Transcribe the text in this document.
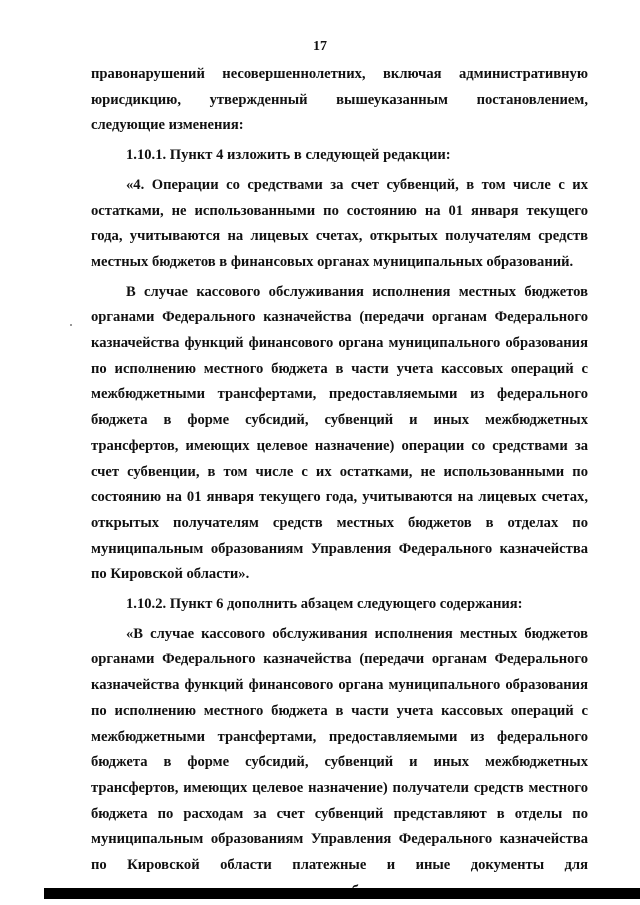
17

правонарушений несовершеннолетних, включая административную юрисдикцию, утвержденный вышеуказанным постановлением, следующие изменения:

1.10.1. Пункт 4 изложить в следующей редакции:

«4. Операции со средствами за счет субвенций, в том числе с их остатками, не использованными по состоянию на 01 января текущего года, учитываются на лицевых счетах, открытых получателям средств местных бюджетов в финансовых органах муниципальных образований.

В случае кассового обслуживания исполнения местных бюджетов органами Федерального казначейства (передачи органам Федерального казначейства функций финансового органа муниципального образования по исполнению местного бюджета в части учета кассовых операций с межбюджетными трансфертами, предоставляемыми из федерального бюджета в форме субсидий, субвенций и иных межбюджетных трансфертов, имеющих целевое назначение) операции со средствами за счет субвенции, в том числе с их остатками, не использованными по состоянию на 01 января текущего года, учитываются на лицевых счетах, открытых получателям средств местных бюджетов в отделах по муниципальным образованиям Управления Федерального казначейства по Кировской области».

1.10.2. Пункт 6 дополнить абзацем следующего содержания:

«В случае кассового обслуживания исполнения местных бюджетов органами Федерального казначейства (передачи органам Федерального казначейства функций финансового органа муниципального образования по исполнению местного бюджета в части учета кассовых операций с межбюджетными трансфертами, предоставляемыми из федерального бюджета в форме субсидий, субвенций и иных межбюджетных трансфертов, имеющих целевое назначение) получатели средств местного бюджета по расходам за счет субвенций представляют в отделы по муниципальным образованиям Управления Федерального казначейства по Кировской области платежные и иные документы для
